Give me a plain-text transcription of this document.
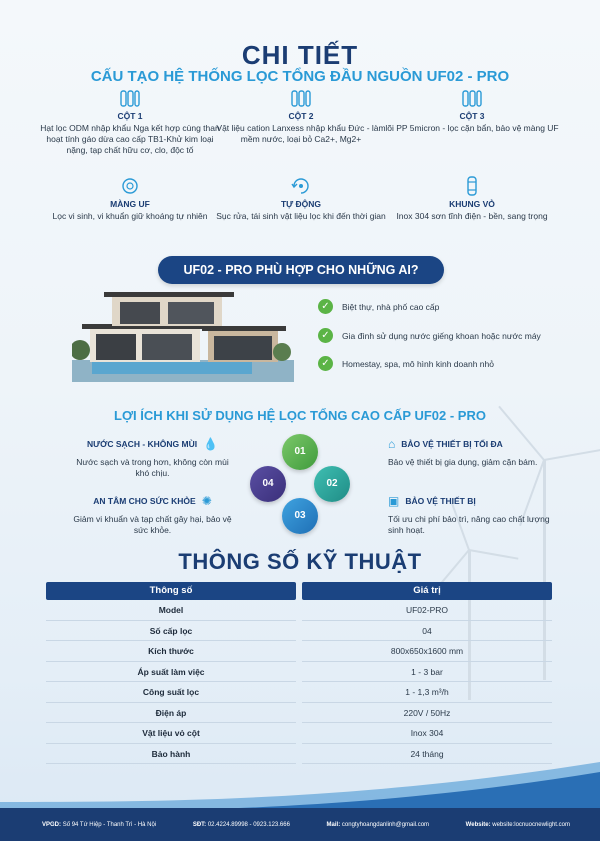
CHI TIẾT
CẤU TẠO HỆ THỐNG LỌC TỔNG ĐẦU NGUỒN UF02 - PRO
CỘT 1
Hạt lọc ODM nhập khẩu Nga kết hợp cùng than hoạt tính gáo dừa cao cấp TB1-Khử kim loại nặng, tạp chất hữu cơ, clo, độc tố
CỘT 2
Vật liệu cation Lanxess nhập khẩu Đức - làm mềm nước, loại bỏ Ca2+, Mg2+
CỘT 3
lõi PP 5micron - lọc cặn bẩn, bảo vệ màng UF
MÀNG UF
Lọc vi sinh, vi khuẩn giữ khoáng tự nhiên
TỰ ĐỘNG
Sục rửa, tái sinh vật liệu lọc khi đến thời gian
KHUNG VỎ
Inox 304 sơn tĩnh điện - bền, sang trọng
UF02 - PRO PHÙ HỢP CHO NHỮNG AI?
✓	Biệt thự, nhà phố cao cấp
✓	Gia đình sử dụng nước giếng khoan hoặc nước máy
✓	Homestay, spa, mô hình kinh doanh nhỏ
LỢI ÍCH KHI SỬ DỤNG HỆ LỌC TỔNG CAO CẤP UF02 - PRO
NƯỚC SẠCH - KHÔNG MÙI 💧
Nước sạch và trong hơn, không còn mùi khó chịu.
AN TÂM CHO SỨC KHỎE ✺
Giảm vi khuẩn và tạp chất gây hại, bảo vệ sức khỏe.
⌂ BẢO VỆ THIẾT BỊ TỐI ĐA
Bảo vệ thiết bị gia dụng, giảm cặn bám.
▣ BẢO VỆ THIẾT BỊ
Tối ưu chi phí bảo trì, nâng cao chất lượng sinh hoạt.
01
02
03
04
THÔNG SỐ KỸ THUẬT
Thông số	Giá trị
Model	UF02-PRO
Số cấp lọc	04
Kích thước	800x650x1600 mm
Áp suất làm việc	1 - 3 bar
Công suất lọc	1 - 1,3 m³/h
Điện áp	220V / 50Hz
Vật liệu vỏ cột	Inox 304
Bảo hành	24 tháng
VPGD: Số 94 Tứ Hiệp - Thanh Trì - Hà Nội	SĐT: 02.4224.89998 - 0923.123.666	Mail: congtyhoangdanlinh@gmail.com	Website: website:locnuocnewlight.com
